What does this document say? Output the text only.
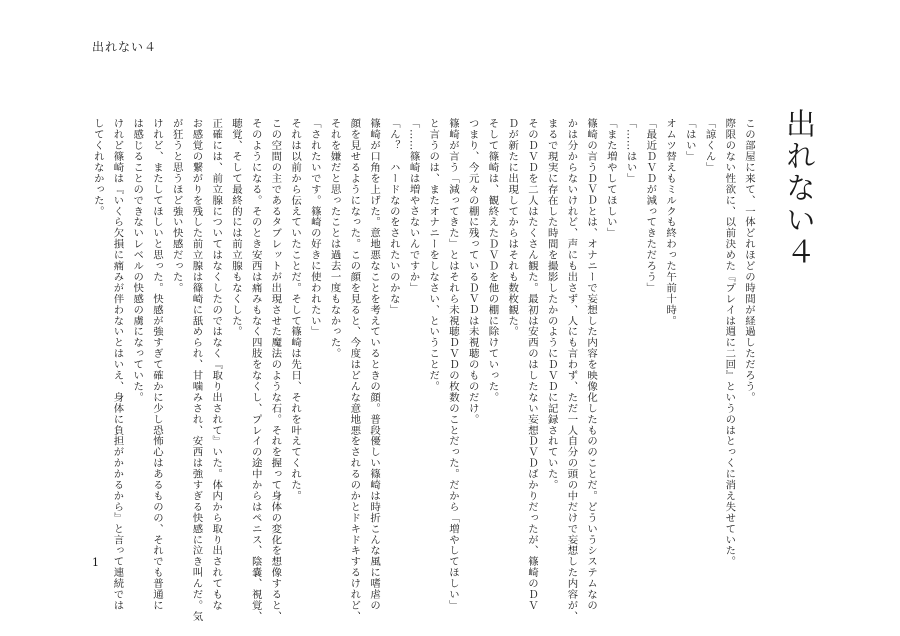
出れない４
出れない４
この部屋に来て、一体どれほどの時間が経過しただろう。
際限のない性欲に、以前決めた『プレイは週に二回』というのはとっくに消え失せていた。
「諒くん」
「はい」
オムツ替えもミルクも終わった午前十時。
「最近ＤＶＤが減ってきただろう」
「……はい」
「また増やしてほしい」
篠崎の言うＤＶＤとは、オナニーで妄想した内容を映像化したもののことだ。どういうシステムなの
かは分からないけれど、声にも出さず、人にも言わず、ただ一人自分の頭の中だけで妄想した内容が、
まるで現実に存在した時間を撮影したかのようにＤＶＤに記録されていた。
そのＤＶＤを二人はたくさん観た。最初は安西のはしたない妄想ＤＶＤばかりだったが、篠崎のＤＶ
Ｄが新たに出現してからはそれも数枚観た。
そして篠崎は、観終えたＤＶＤを他の棚に除けていった。
つまり、今元々の棚に残っているＤＶＤは未視聴のものだけ。
篠崎が言う「減ってきた」とはそれら未視聴ＤＶＤの枚数のことだった。だから「増やしてほしい」
と言うのは、またオナニーをしなさい、ということだ。
「……篠崎は増やさないんですか」
「ん？　ハードなのをされたいのかな」
篠崎が口角を上げた。意地悪なことを考えているときの顔。普段優しい篠崎は時折こんな風に嗜虐の
顔を見せるようになった。この顔を見ると、今度はどんな意地悪をされるのかとドキドキするけれど、
それを嫌だと思ったことは過去一度もなかった。
「されたいです。篠崎の好きに使われたい」
それは以前から伝えていたことだ。そして篠崎は先日、それを叶えてくれた。
この空間の主であるタブレットが出現させた魔法のような石。それを握って身体の変化を想像すると、
そのようになる。そのとき安西は痛みもなく四肢をなくし、プレイの途中からはペニス、陰嚢、視覚、
聴覚、そして最終的には前立腺もなくした。
正確には、前立腺についてはなくしたのではなく『取り出されて』いた。体内から取り出されてもな
お感覚の繋がりを残した前立腺は篠崎に舐められ、甘噛みされ、安西は強すぎる快感に泣き叫んだ。気
が狂うと思うほど強い快感だった。
けれど、またしてほしいと思った。快感が強すぎて確かに少し恐怖心はあるものの、それでも普通に
は感じることのできないレベルの快感の虜になっていた。
けれど篠崎は『いくら欠損に痛みが伴わないとはいえ、身体に負担がかかるから』と言って連続では
してくれなかった。
1
